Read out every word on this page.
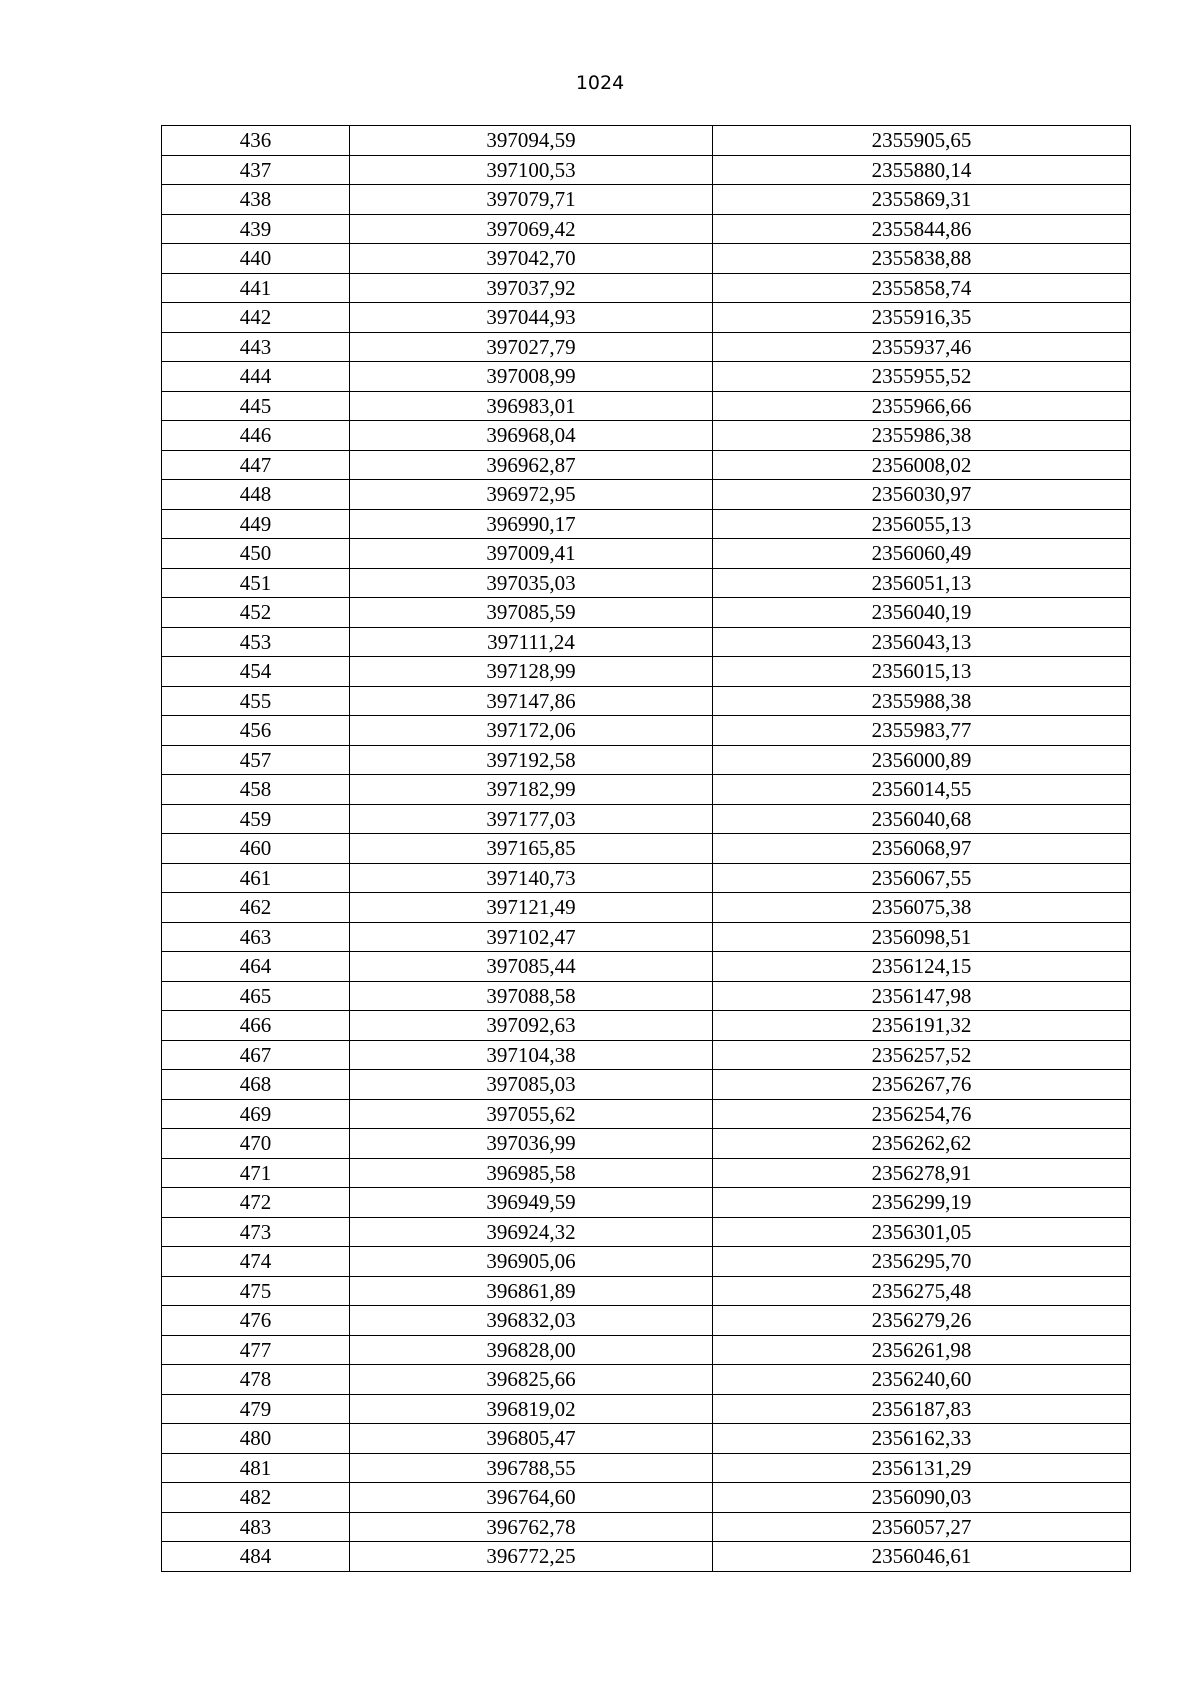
1024
436	397094,59	2355905,65
437	397100,53	2355880,14
438	397079,71	2355869,31
439	397069,42	2355844,86
440	397042,70	2355838,88
441	397037,92	2355858,74
442	397044,93	2355916,35
443	397027,79	2355937,46
444	397008,99	2355955,52
445	396983,01	2355966,66
446	396968,04	2355986,38
447	396962,87	2356008,02
448	396972,95	2356030,97
449	396990,17	2356055,13
450	397009,41	2356060,49
451	397035,03	2356051,13
452	397085,59	2356040,19
453	397111,24	2356043,13
454	397128,99	2356015,13
455	397147,86	2355988,38
456	397172,06	2355983,77
457	397192,58	2356000,89
458	397182,99	2356014,55
459	397177,03	2356040,68
460	397165,85	2356068,97
461	397140,73	2356067,55
462	397121,49	2356075,38
463	397102,47	2356098,51
464	397085,44	2356124,15
465	397088,58	2356147,98
466	397092,63	2356191,32
467	397104,38	2356257,52
468	397085,03	2356267,76
469	397055,62	2356254,76
470	397036,99	2356262,62
471	396985,58	2356278,91
472	396949,59	2356299,19
473	396924,32	2356301,05
474	396905,06	2356295,70
475	396861,89	2356275,48
476	396832,03	2356279,26
477	396828,00	2356261,98
478	396825,66	2356240,60
479	396819,02	2356187,83
480	396805,47	2356162,33
481	396788,55	2356131,29
482	396764,60	2356090,03
483	396762,78	2356057,27
484	396772,25	2356046,61
